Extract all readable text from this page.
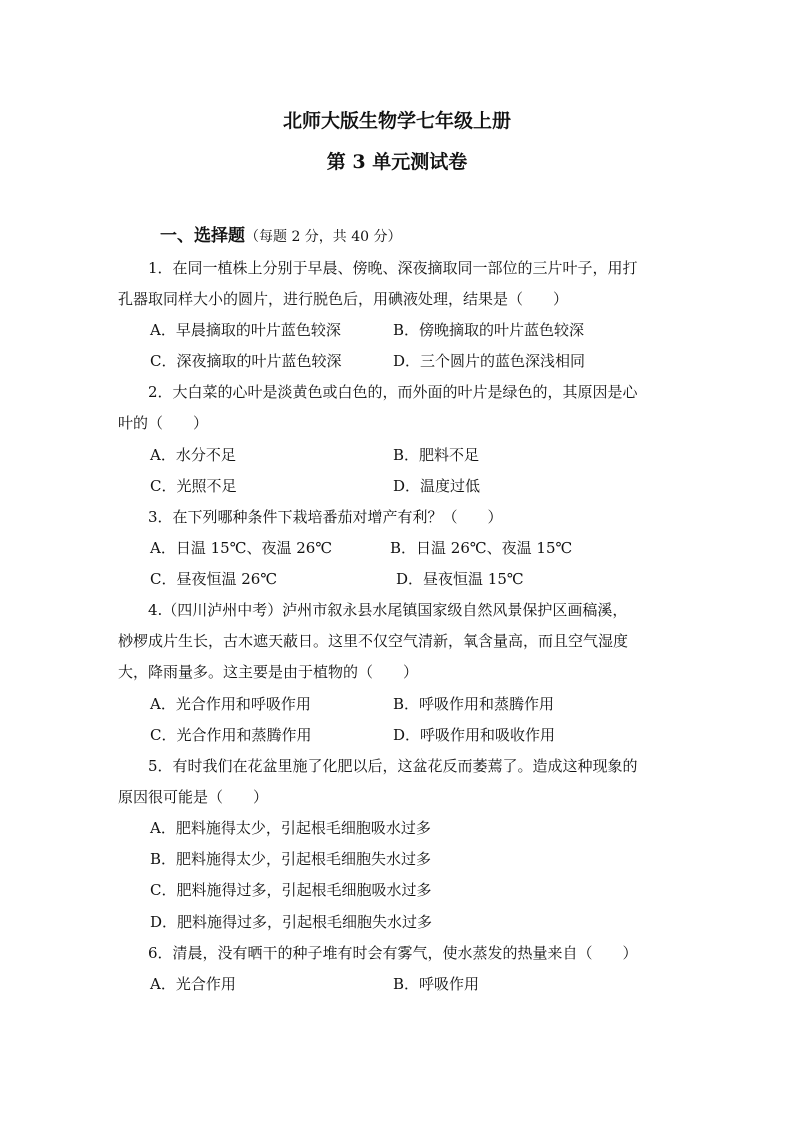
北师大版生物学七年级上册
第 3 单元测试卷
一、选择题（每题 2 分，共 40 分）
1．在同一植株上分别于早晨、傍晚、深夜摘取同一部位的三片叶子，用打
孔器取同样大小的圆片，进行脱色后，用碘液处理，结果是（　　）
A．早晨摘取的叶片蓝色较深	B．傍晚摘取的叶片蓝色较深
C．深夜摘取的叶片蓝色较深	D．三个圆片的蓝色深浅相同
2．大白菜的心叶是淡黄色或白色的，而外面的叶片是绿色的，其原因是心
叶的（　　）
A．水分不足	B．肥料不足
C．光照不足	D．温度过低
3．在下列哪种条件下栽培番茄对增产有利？（　　）
A．日温 15℃、夜温 26℃	B．日温 26℃、夜温 15℃
C．昼夜恒温 26℃	D．昼夜恒温 15℃
4.（四川泸州中考）泸州市叙永县水尾镇国家级自然风景保护区画稿溪，
桫椤成片生长，古木遮天蔽日。这里不仅空气清新，氧含量高，而且空气湿度
大，降雨量多。这主要是由于植物的（　　）
A．光合作用和呼吸作用	B．呼吸作用和蒸腾作用
C．光合作用和蒸腾作用	D．呼吸作用和吸收作用
5．有时我们在花盆里施了化肥以后，这盆花反而萎蔫了。造成这种现象的
原因很可能是（　　）
A．肥料施得太少，引起根毛细胞吸水过多
B．肥料施得太少，引起根毛细胞失水过多
C．肥料施得过多，引起根毛细胞吸水过多
D．肥料施得过多，引起根毛细胞失水过多
6．清晨，没有晒干的种子堆有时会有雾气，使水蒸发的热量来自（　　）
A．光合作用	B．呼吸作用
